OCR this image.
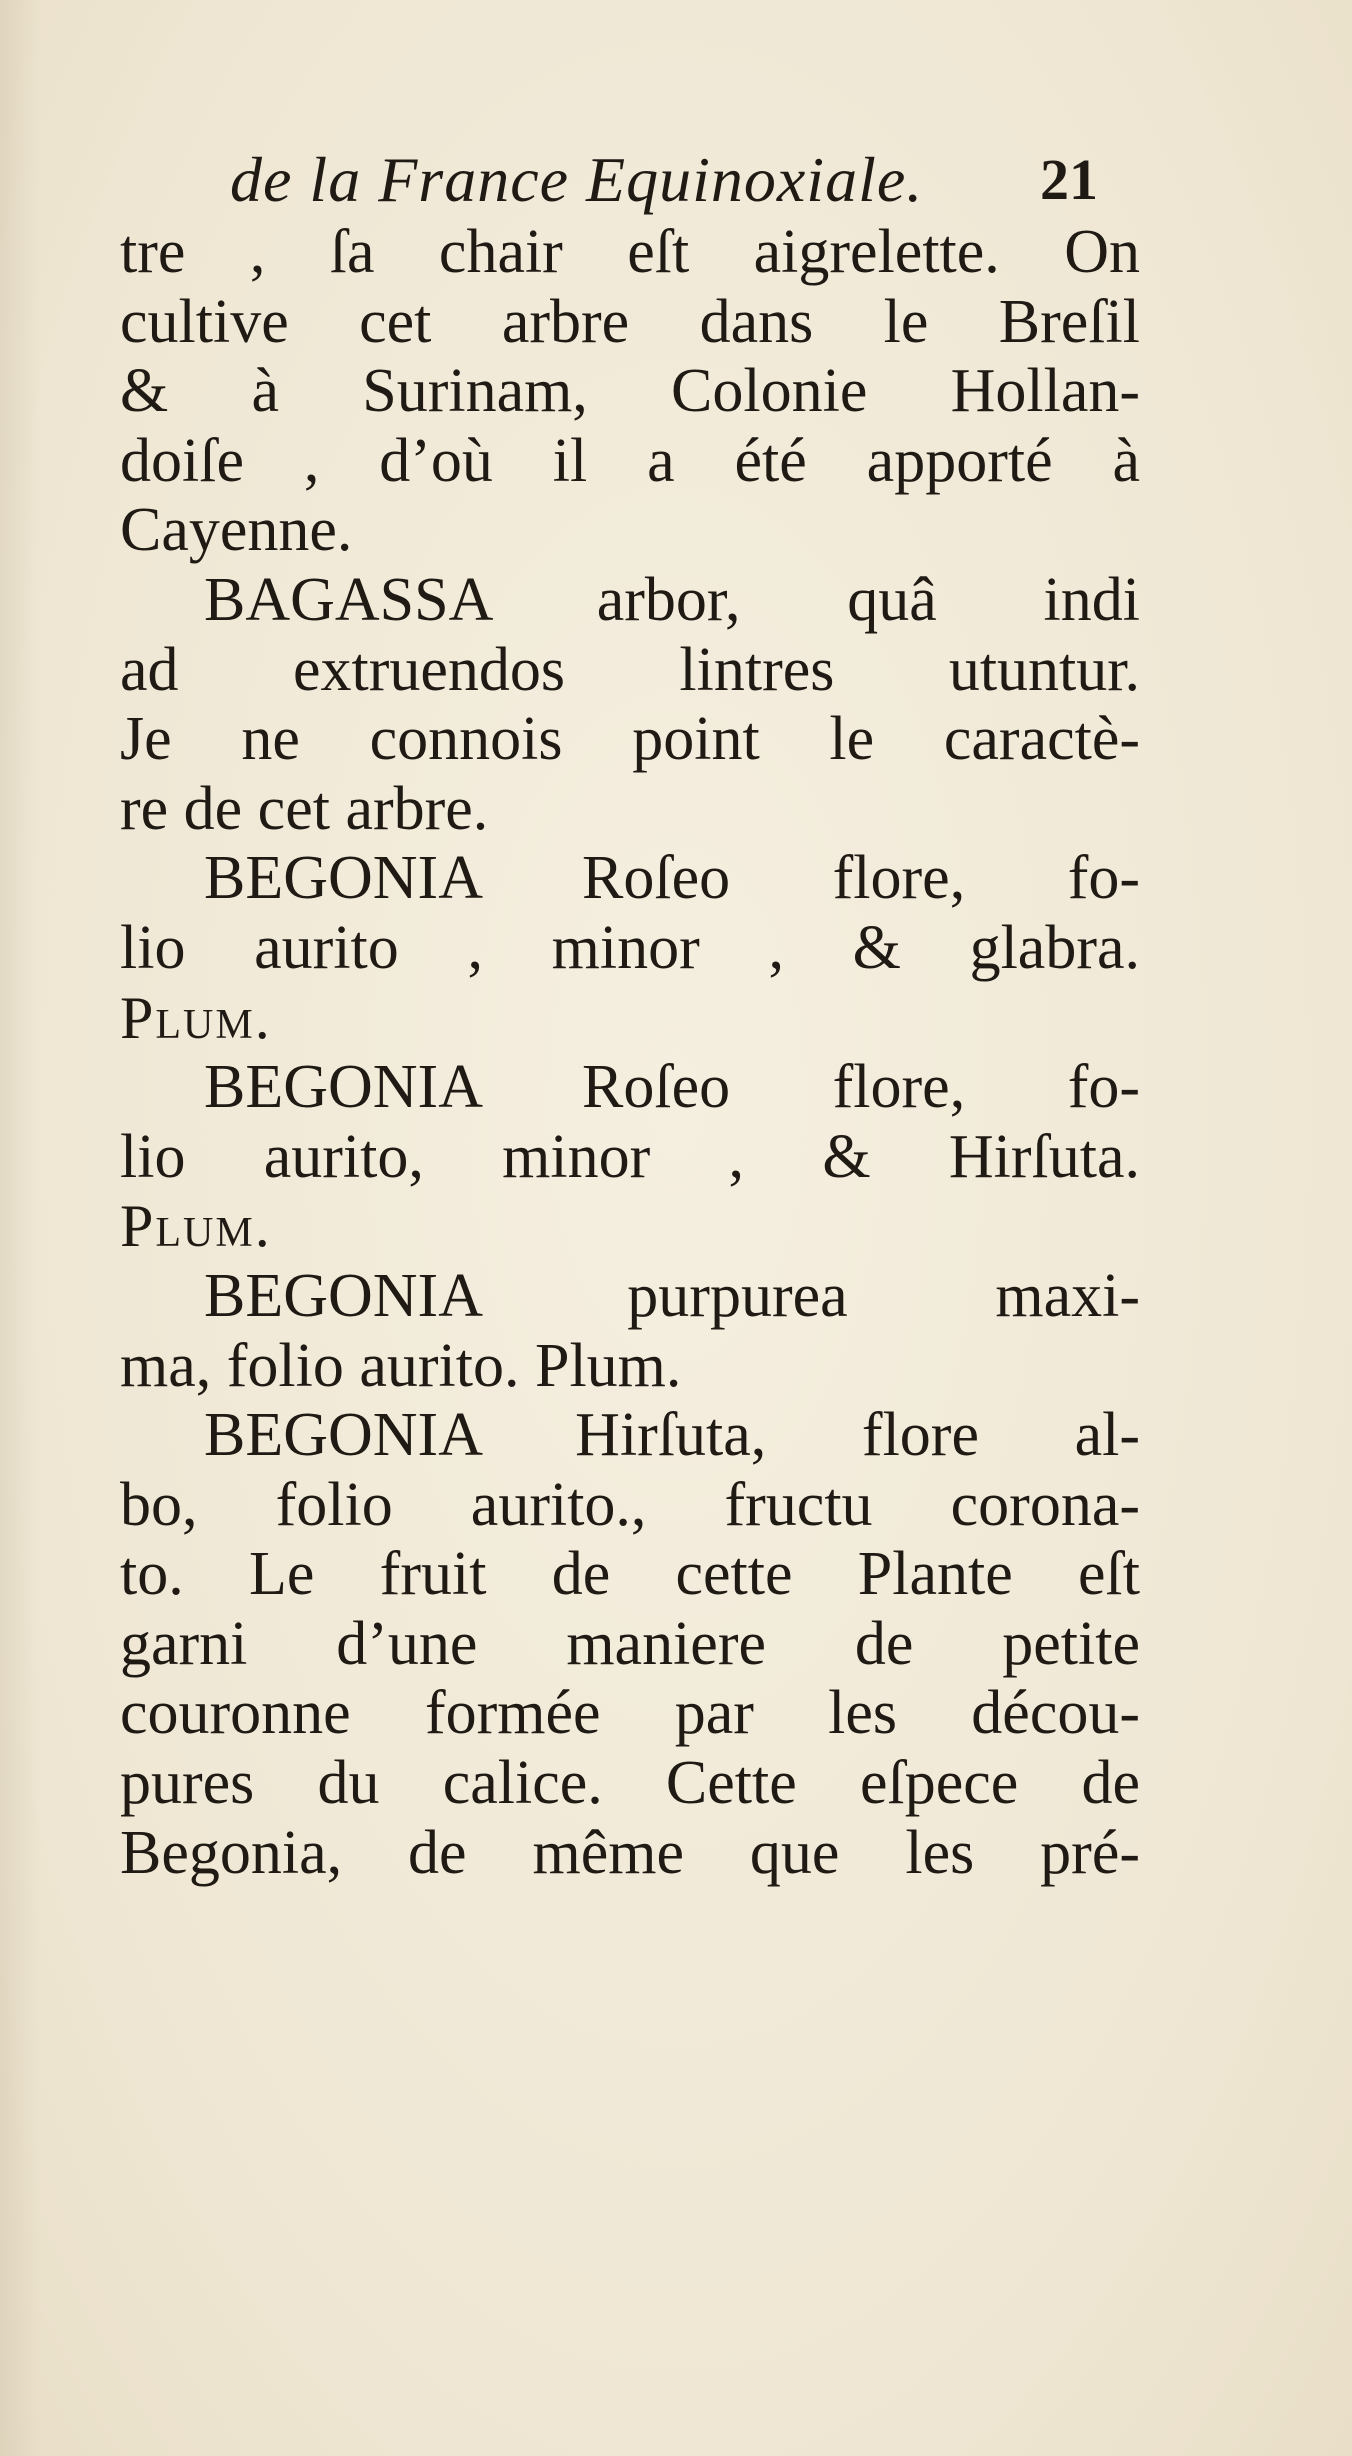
de la France Equinoxiale.	21
tre , ſa chair eſt aigrelette. On
cultive cet arbre dans le Breſil
& à Surinam, Colonie Hollan-
doiſe , d’où il a été apporté à
Cayenne.
BAGASSA arbor, quâ indi
ad extruendos lintres utuntur.
Je ne connois point le caractè-
re de cet arbre.
BEGONIA Roſeo flore, fo-
lio aurito , minor , & glabra.
Plum.
BEGONIA Roſeo flore, fo-
lio aurito, minor , & Hirſuta.
Plum.
BEGONIA purpurea maxi-
ma, folio aurito. Plum.
BEGONIA Hirſuta, flore al-
bo, folio aurito., fructu corona-
to. Le fruit de cette Plante eſt
garni d’une maniere de petite
couronne formée par les décou-
pures du calice. Cette eſpece de
Begonia, de même que les pré-
